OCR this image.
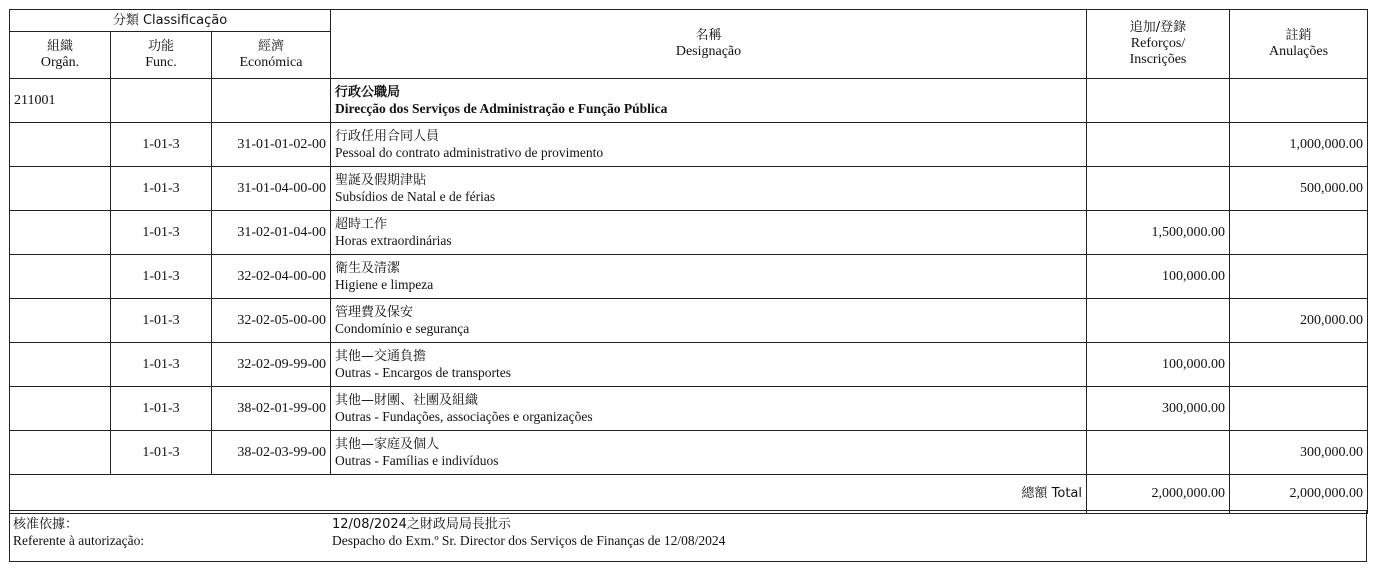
分類 Classificação			名稱
Designação	追加/登錄
Reforços/
Inscrições	註銷
Anulações
組織
Orgân.	功能
Func.	經濟
Económica			
211001			行政公職局
Direcção dos Serviços de Administração e Função Pública		

	1-01-3	31-01-01-02-00	行政任用合同人員
Pessoal do contrato administrativo de provimento		1,000,000.00
	1-01-3	31-01-04-00-00	聖誕及假期津貼
Subsídios de Natal e de férias		500,000.00
	1-01-3	31-02-01-04-00	超時工作
Horas extraordinárias	1,500,000.00	
	1-01-3	32-02-04-00-00	衛生及清潔
Higiene e limpeza	100,000.00	
	1-01-3	32-02-05-00-00	管理費及保安
Condomínio e segurança		200,000.00
	1-01-3	32-02-09-99-00	其他—交通負擔
Outras - Encargos de transportes	100,000.00	
	1-01-3	38-02-01-99-00	其他—財團、社團及組織
Outras - Fundações, associações e organizações	300,000.00	
	1-01-3	38-02-03-99-00	其他—家庭及個人
Outras - Famílias e indivíduos		300,000.00
總額 Total				2,000,000.00	2,000,000.00
核准依據：
Referente à autorização:
12/08/2024之財政局局長批示
Despacho do Exm.º Sr. Director dos Serviços de Finanças de 12/08/2024
